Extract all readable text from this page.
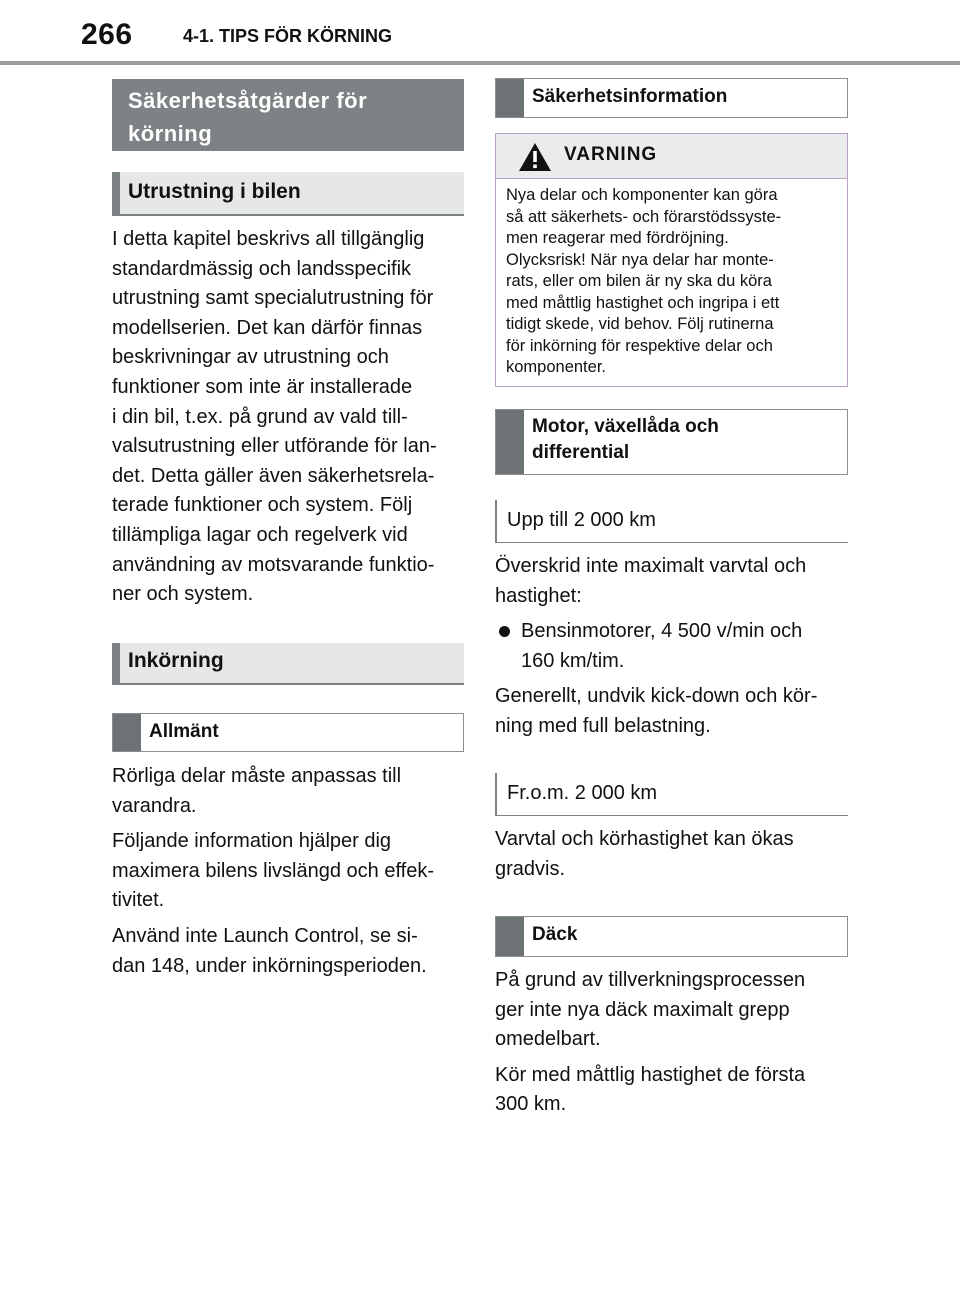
266	4-1. TIPS FÖR KÖRNING
Säkerhetsåtgärder för
körning
Utrustning i bilen
I detta kapitel beskrivs all tillgänglig
standardmässig och landsspecifik
utrustning samt specialutrustning för
modellserien. Det kan därför finnas
beskrivningar av utrustning och
funktioner som inte är installerade
i din bil, t.ex. på grund av vald till-
valsutrustning eller utförande för lan-
det. Detta gäller även säkerhetsrela-
terade funktioner och system. Följ
tillämpliga lagar och regelverk vid
användning av motsvarande funktio-
ner och system.
Inkörning
Allmänt
Rörliga delar måste anpassas till
varandra.
Följande information hjälper dig
maximera bilens livslängd och effek-
tivitet.
Använd inte Launch Control, se si-
dan 148, under inkörningsperioden.
Säkerhetsinformation
VARNING
Nya delar och komponenter kan göra
så att säkerhets- och förarstödssyste-
men reagerar med fördröjning.
Olycksrisk! När nya delar har monte-
rats, eller om bilen är ny ska du köra
med måttlig hastighet och ingripa i ett
tidigt skede, vid behov. Följ rutinerna
för inkörning för respektive delar och
komponenter.
Motor, växellåda och
differential
Upp till 2 000 km
Överskrid inte maximalt varvtal och
hastighet:
Bensinmotorer, 4 500 v/min och
160 km/tim.
Generellt, undvik kick-down och kör-
ning med full belastning.
Fr.o.m. 2 000 km
Varvtal och körhastighet kan ökas
gradvis.
Däck
På grund av tillverkningsprocessen
ger inte nya däck maximalt grepp
omedelbart.
Kör med måttlig hastighet de första
300 km.
